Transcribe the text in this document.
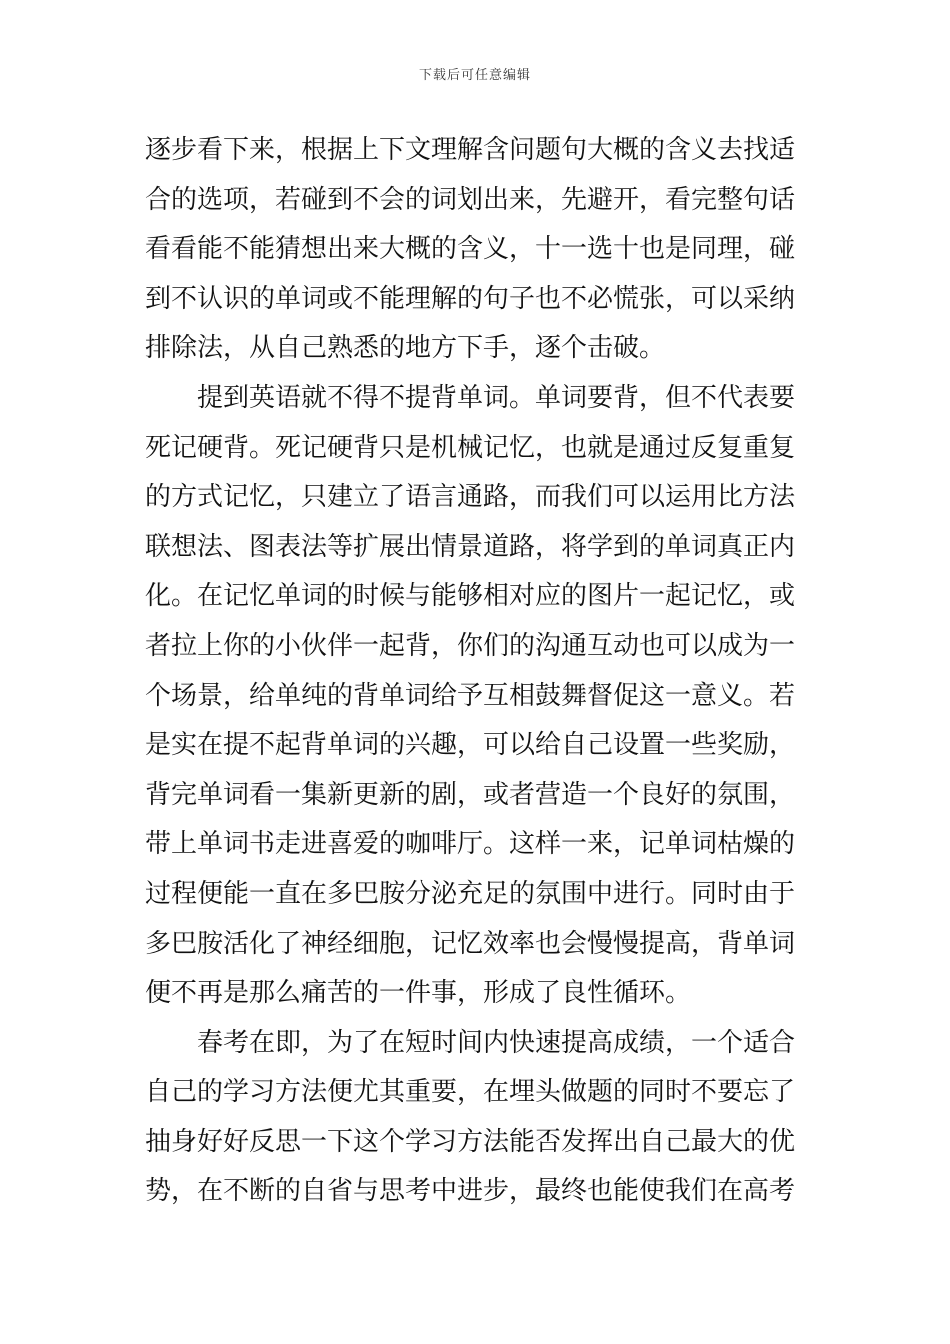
下载后可任意编辑
逐步看下来，根据上下文理解含问题句大概的含义去找适
合的选项，若碰到不会的词划出来，先避开，看完整句话
看看能不能猜想出来大概的含义，十一选十也是同理，碰
到不认识的单词或不能理解的句子也不必慌张，可以采纳
排除法，从自己熟悉的地方下手，逐个击破。
提到英语就不得不提背单词。单词要背，但不代表要
死记硬背。死记硬背只是机械记忆，也就是通过反复重复
的方式记忆，只建立了语言通路，而我们可以运用比方法
联想法、图表法等扩展出情景道路，将学到的单词真正内
化。在记忆单词的时候与能够相对应的图片一起记忆，或
者拉上你的小伙伴一起背，你们的沟通互动也可以成为一
个场景，给单纯的背单词给予互相鼓舞督促这一意义。若
是实在提不起背单词的兴趣，可以给自己设置一些奖励，
背完单词看一集新更新的剧，或者营造一个良好的氛围，
带上单词书走进喜爱的咖啡厅。这样一来，记单词枯燥的
过程便能一直在多巴胺分泌充足的氛围中进行。同时由于
多巴胺活化了神经细胞，记忆效率也会慢慢提高，背单词
便不再是那么痛苦的一件事，形成了良性循环。
春考在即，为了在短时间内快速提高成绩，一个适合
自己的学习方法便尤其重要，在埋头做题的同时不要忘了
抽身好好反思一下这个学习方法能否发挥出自己最大的优
势，在不断的自省与思考中进步，最终也能使我们在高考
